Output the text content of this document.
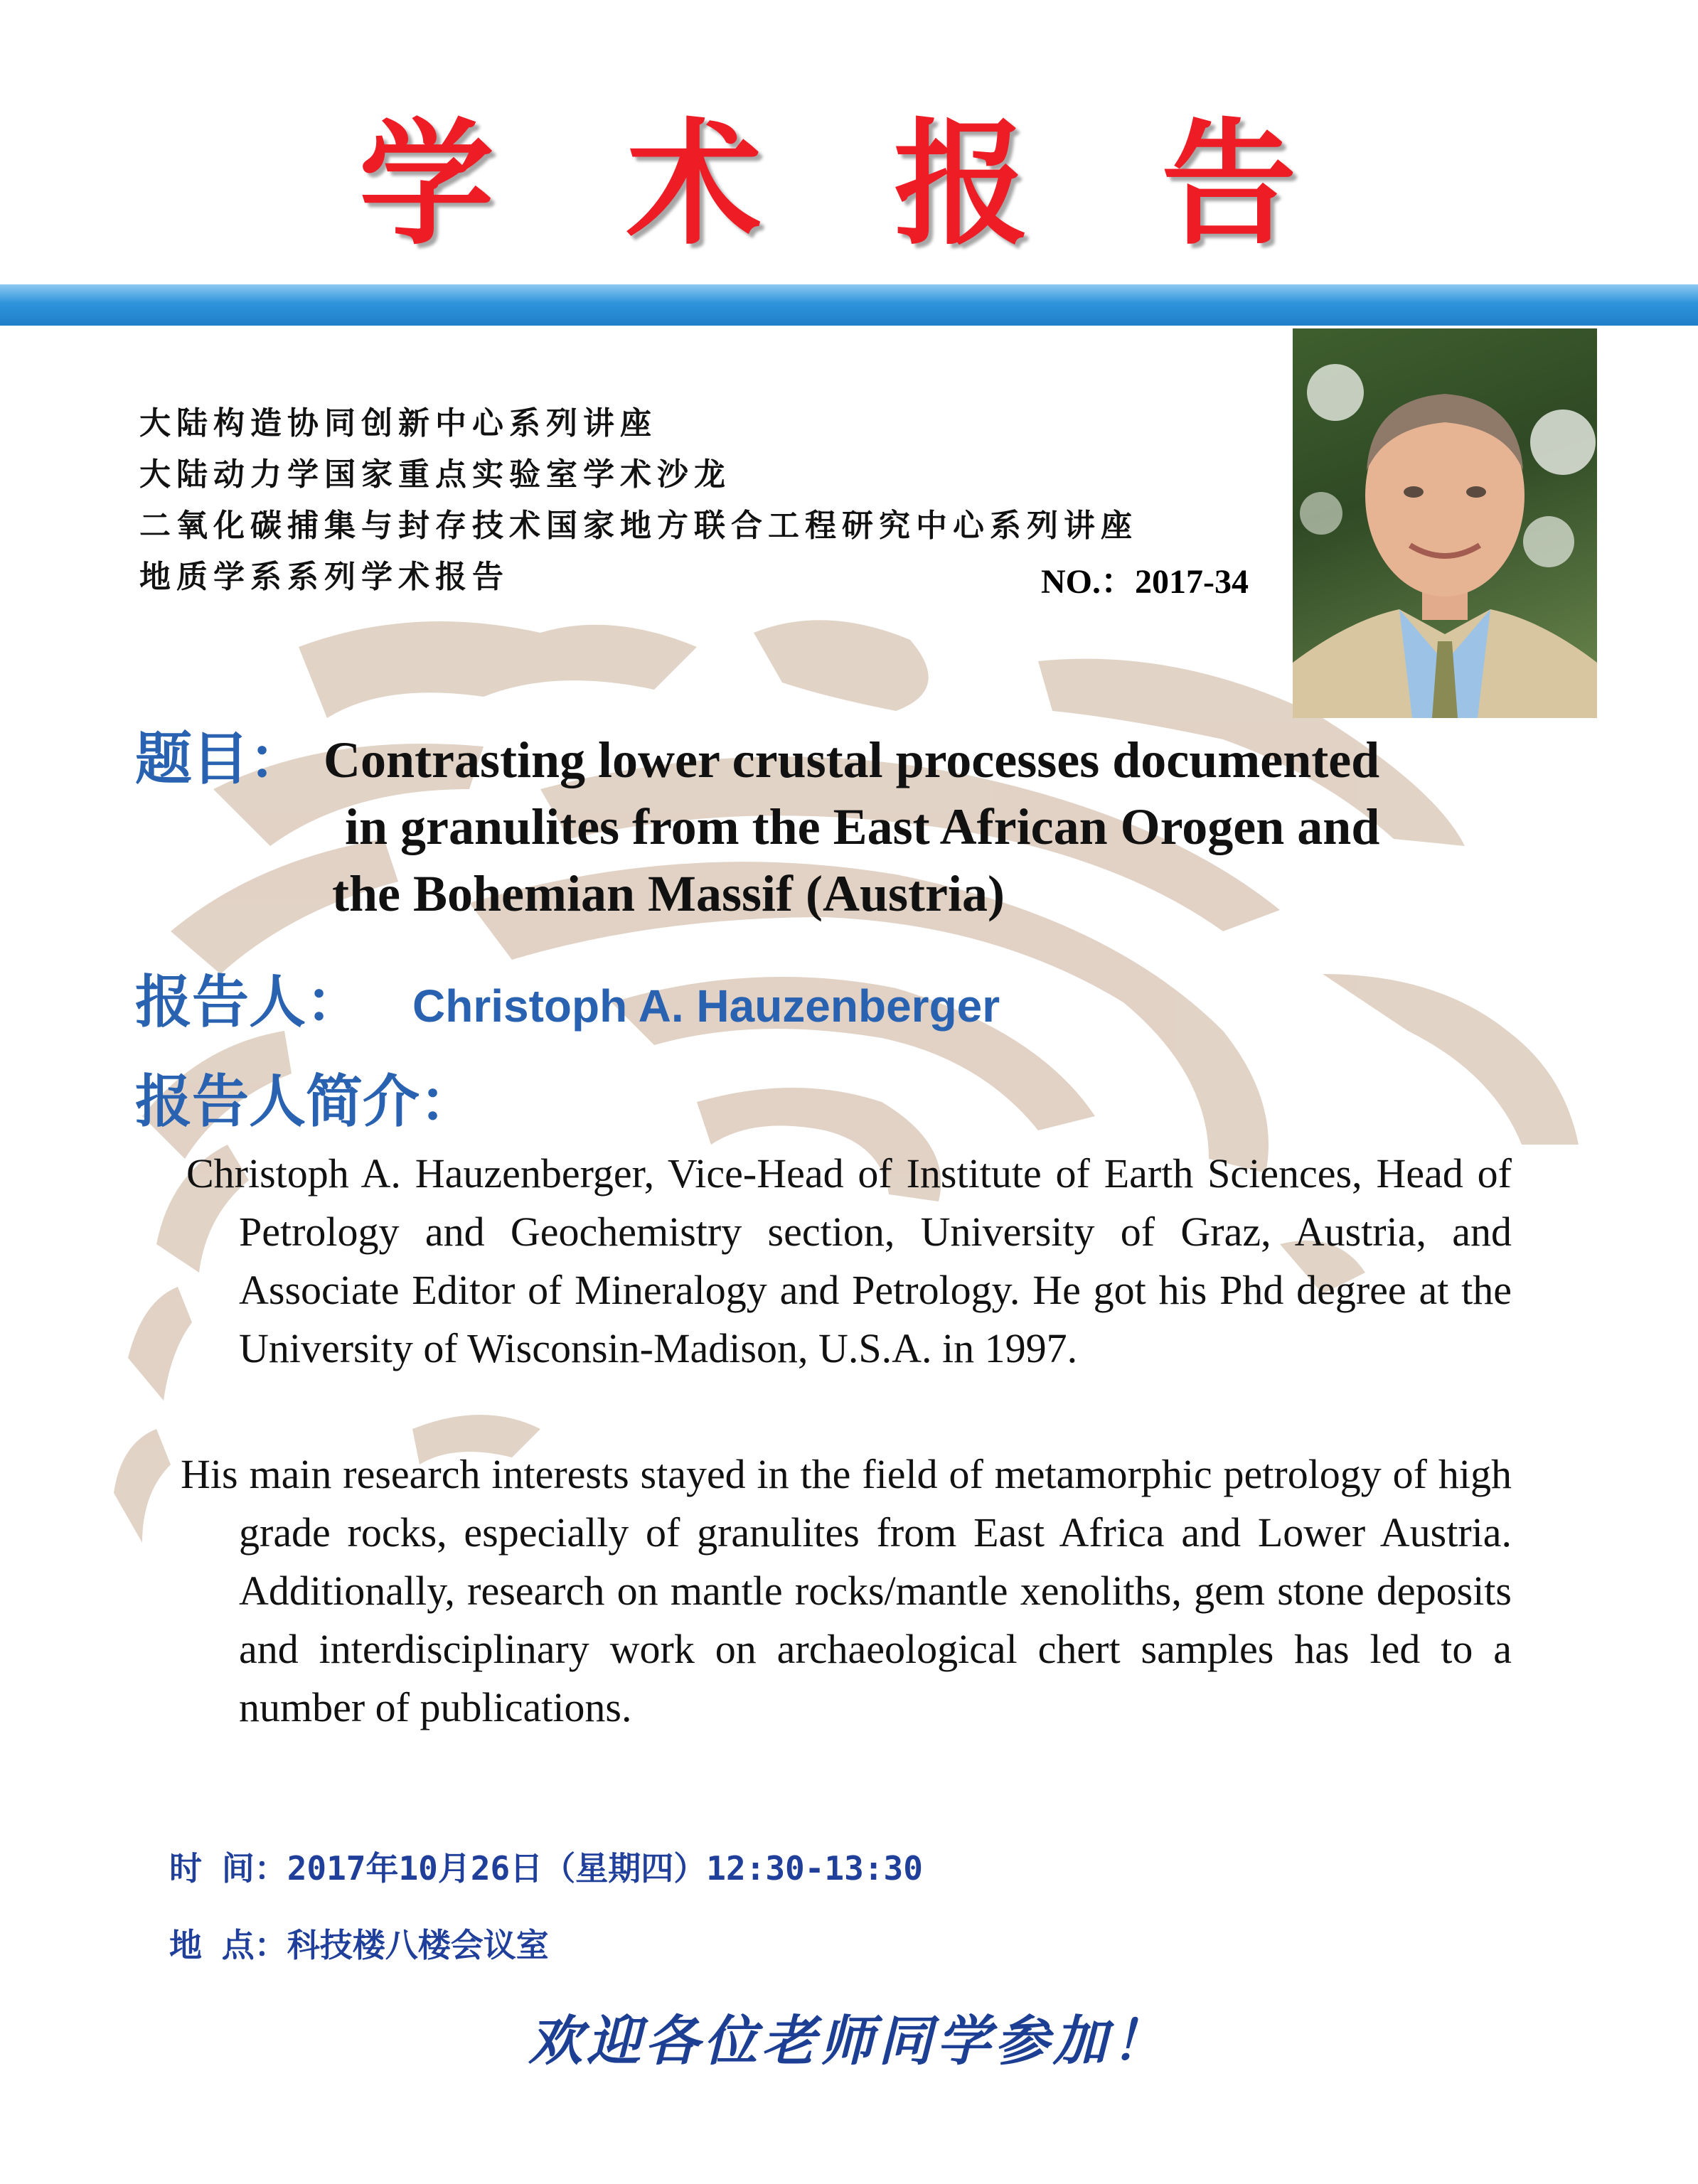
学 术 报 告
大陆构造协同创新中心系列讲座
大陆动力学国家重点实验室学术沙龙
二氧化碳捕集与封存技术国家地方联合工程研究中心系列讲座
地质学系系列学术报告	NO.：2017-34
题目： Contrasting lower crustal processes documented
in granulites from the East African Orogen and
the Bohemian Massif (Austria)
报告人： Christoph A. Hauzenberger
报告人简介：
Christoph A. Hauzenberger, Vice-Head of Institute of Earth Sciences, Head of Petrology and Geochemistry section, University of Graz, Austria, and Associate Editor of Mineralogy and Petrology. He got his Phd degree at the University of Wisconsin-Madison, U.S.A. in 1997.
His main research interests stayed in the field of metamorphic petrology of high grade rocks, especially of granulites from East Africa and Lower Austria. Additionally, research on mantle rocks/mantle xenoliths, gem stone deposits and interdisciplinary work on archaeological chert samples has led to a number of publications.
时 间：2017年10月26日（星期四）12:30-13:30
地 点：科技楼八楼会议室
欢迎各位老师同学参加！
